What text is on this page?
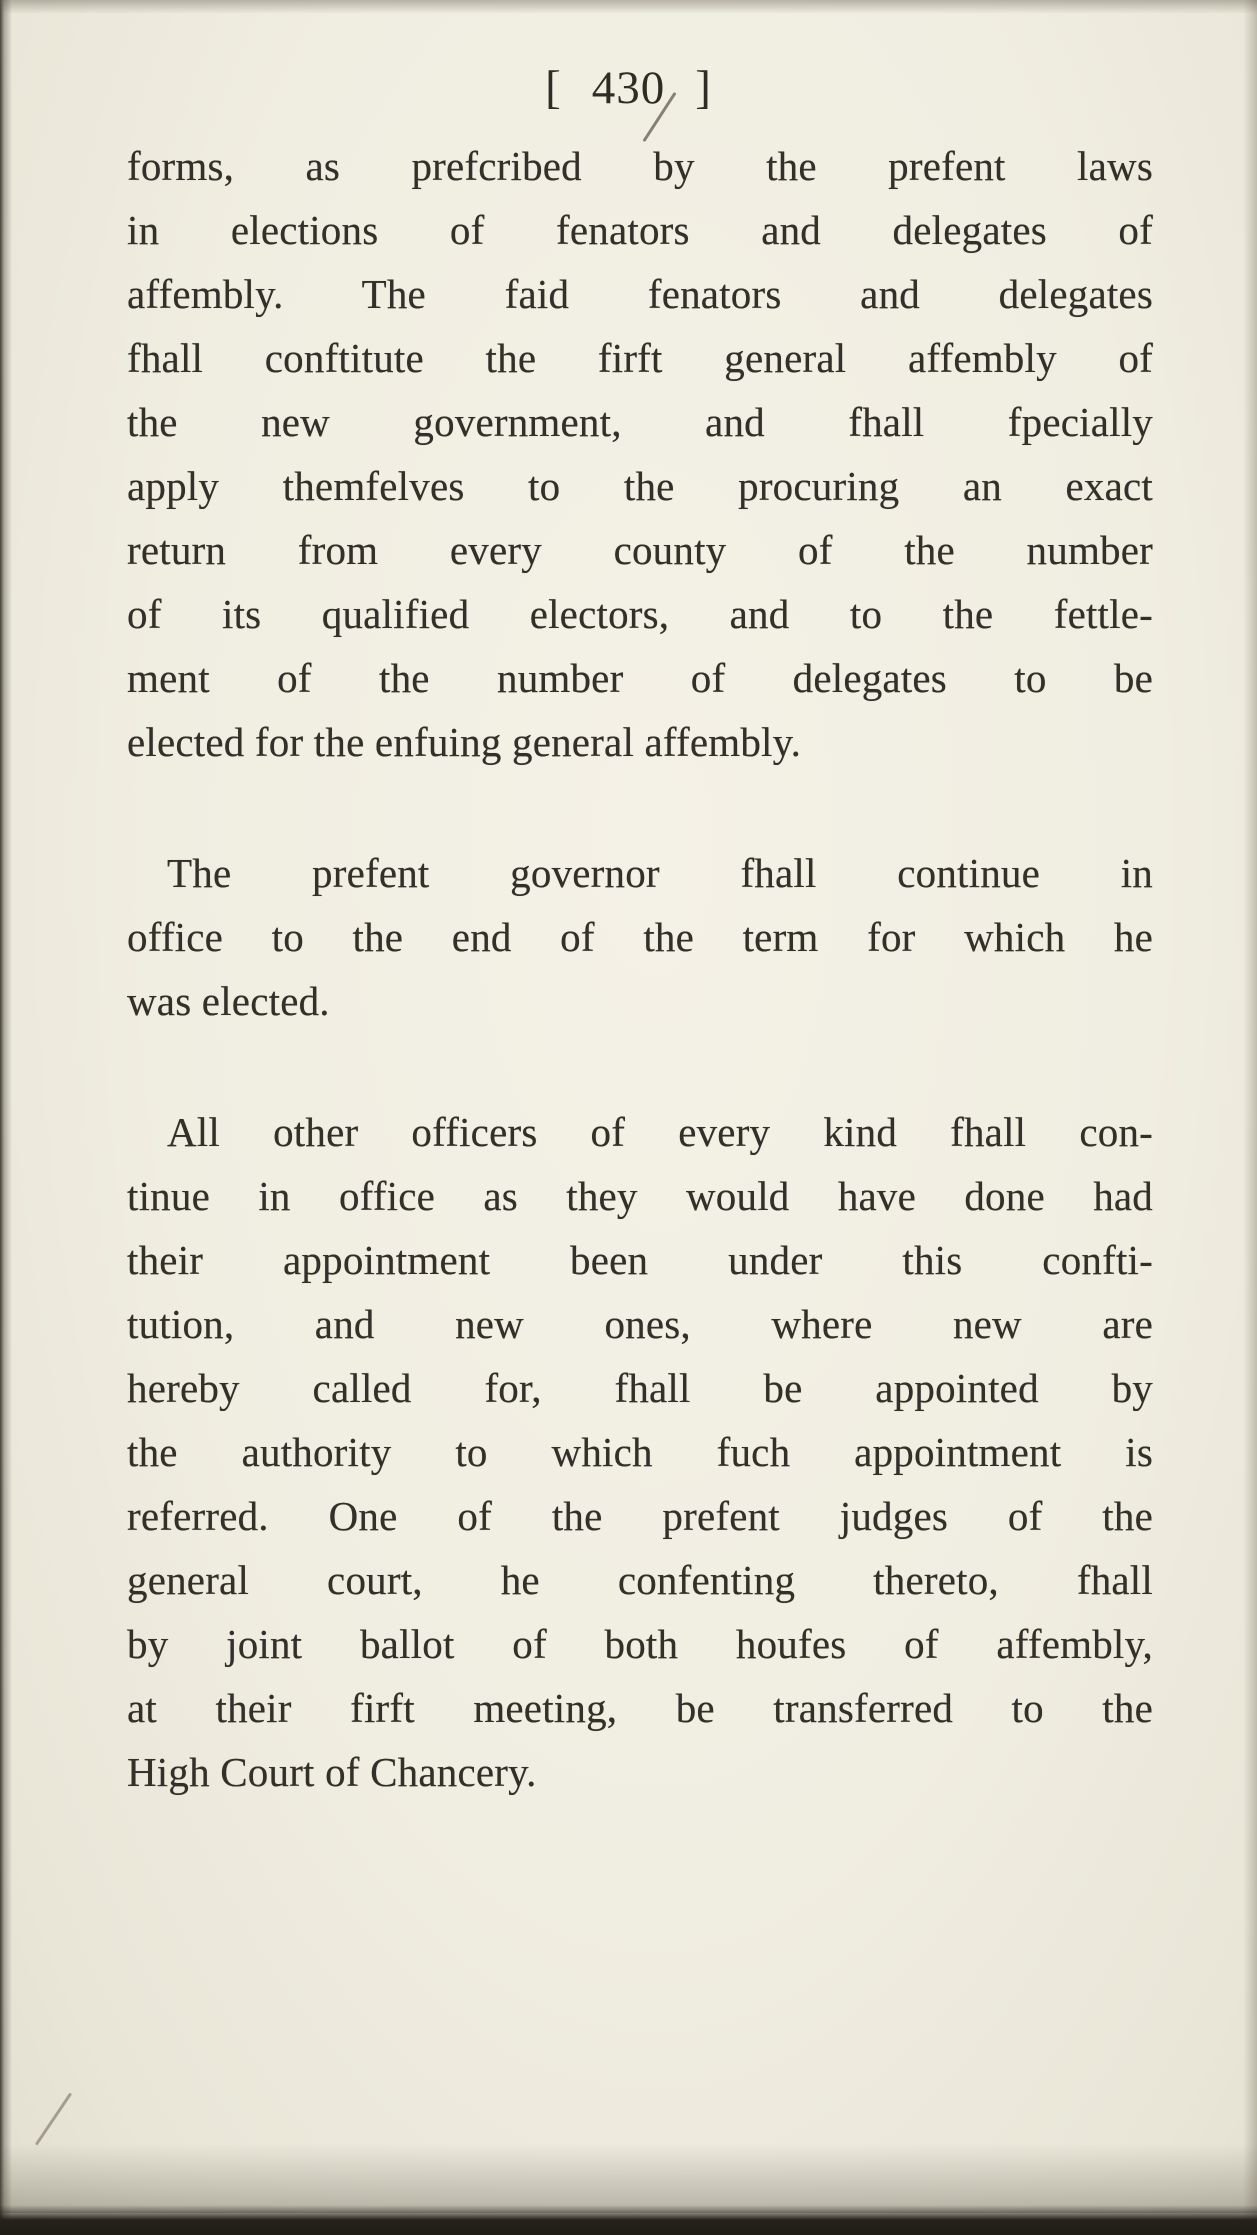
[ 430 ]
forms, as prefcribed by the prefent laws
in elections of fenators and delegates of
affembly. The faid fenators and delegates
fhall conftitute the firft general affembly of
the new government, and fhall fpecially
apply themfelves to the procuring an exact
return from every county of the number
of its qualified electors, and to the fettle-
ment of the number of delegates to be
elected for the enfuing general affembly.
The prefent governor fhall continue in
office to the end of the term for which he
was elected.
All other officers of every kind fhall con-
tinue in office as they would have done had
their appointment been under this confti-
tution, and new ones, where new are
hereby called for, fhall be appointed by
the authority to which fuch appointment is
referred. One of the prefent judges of the
general court, he confenting thereto, fhall
by joint ballot of both houfes of affembly,
at their firft meeting, be transferred to the
High Court of Chancery.
